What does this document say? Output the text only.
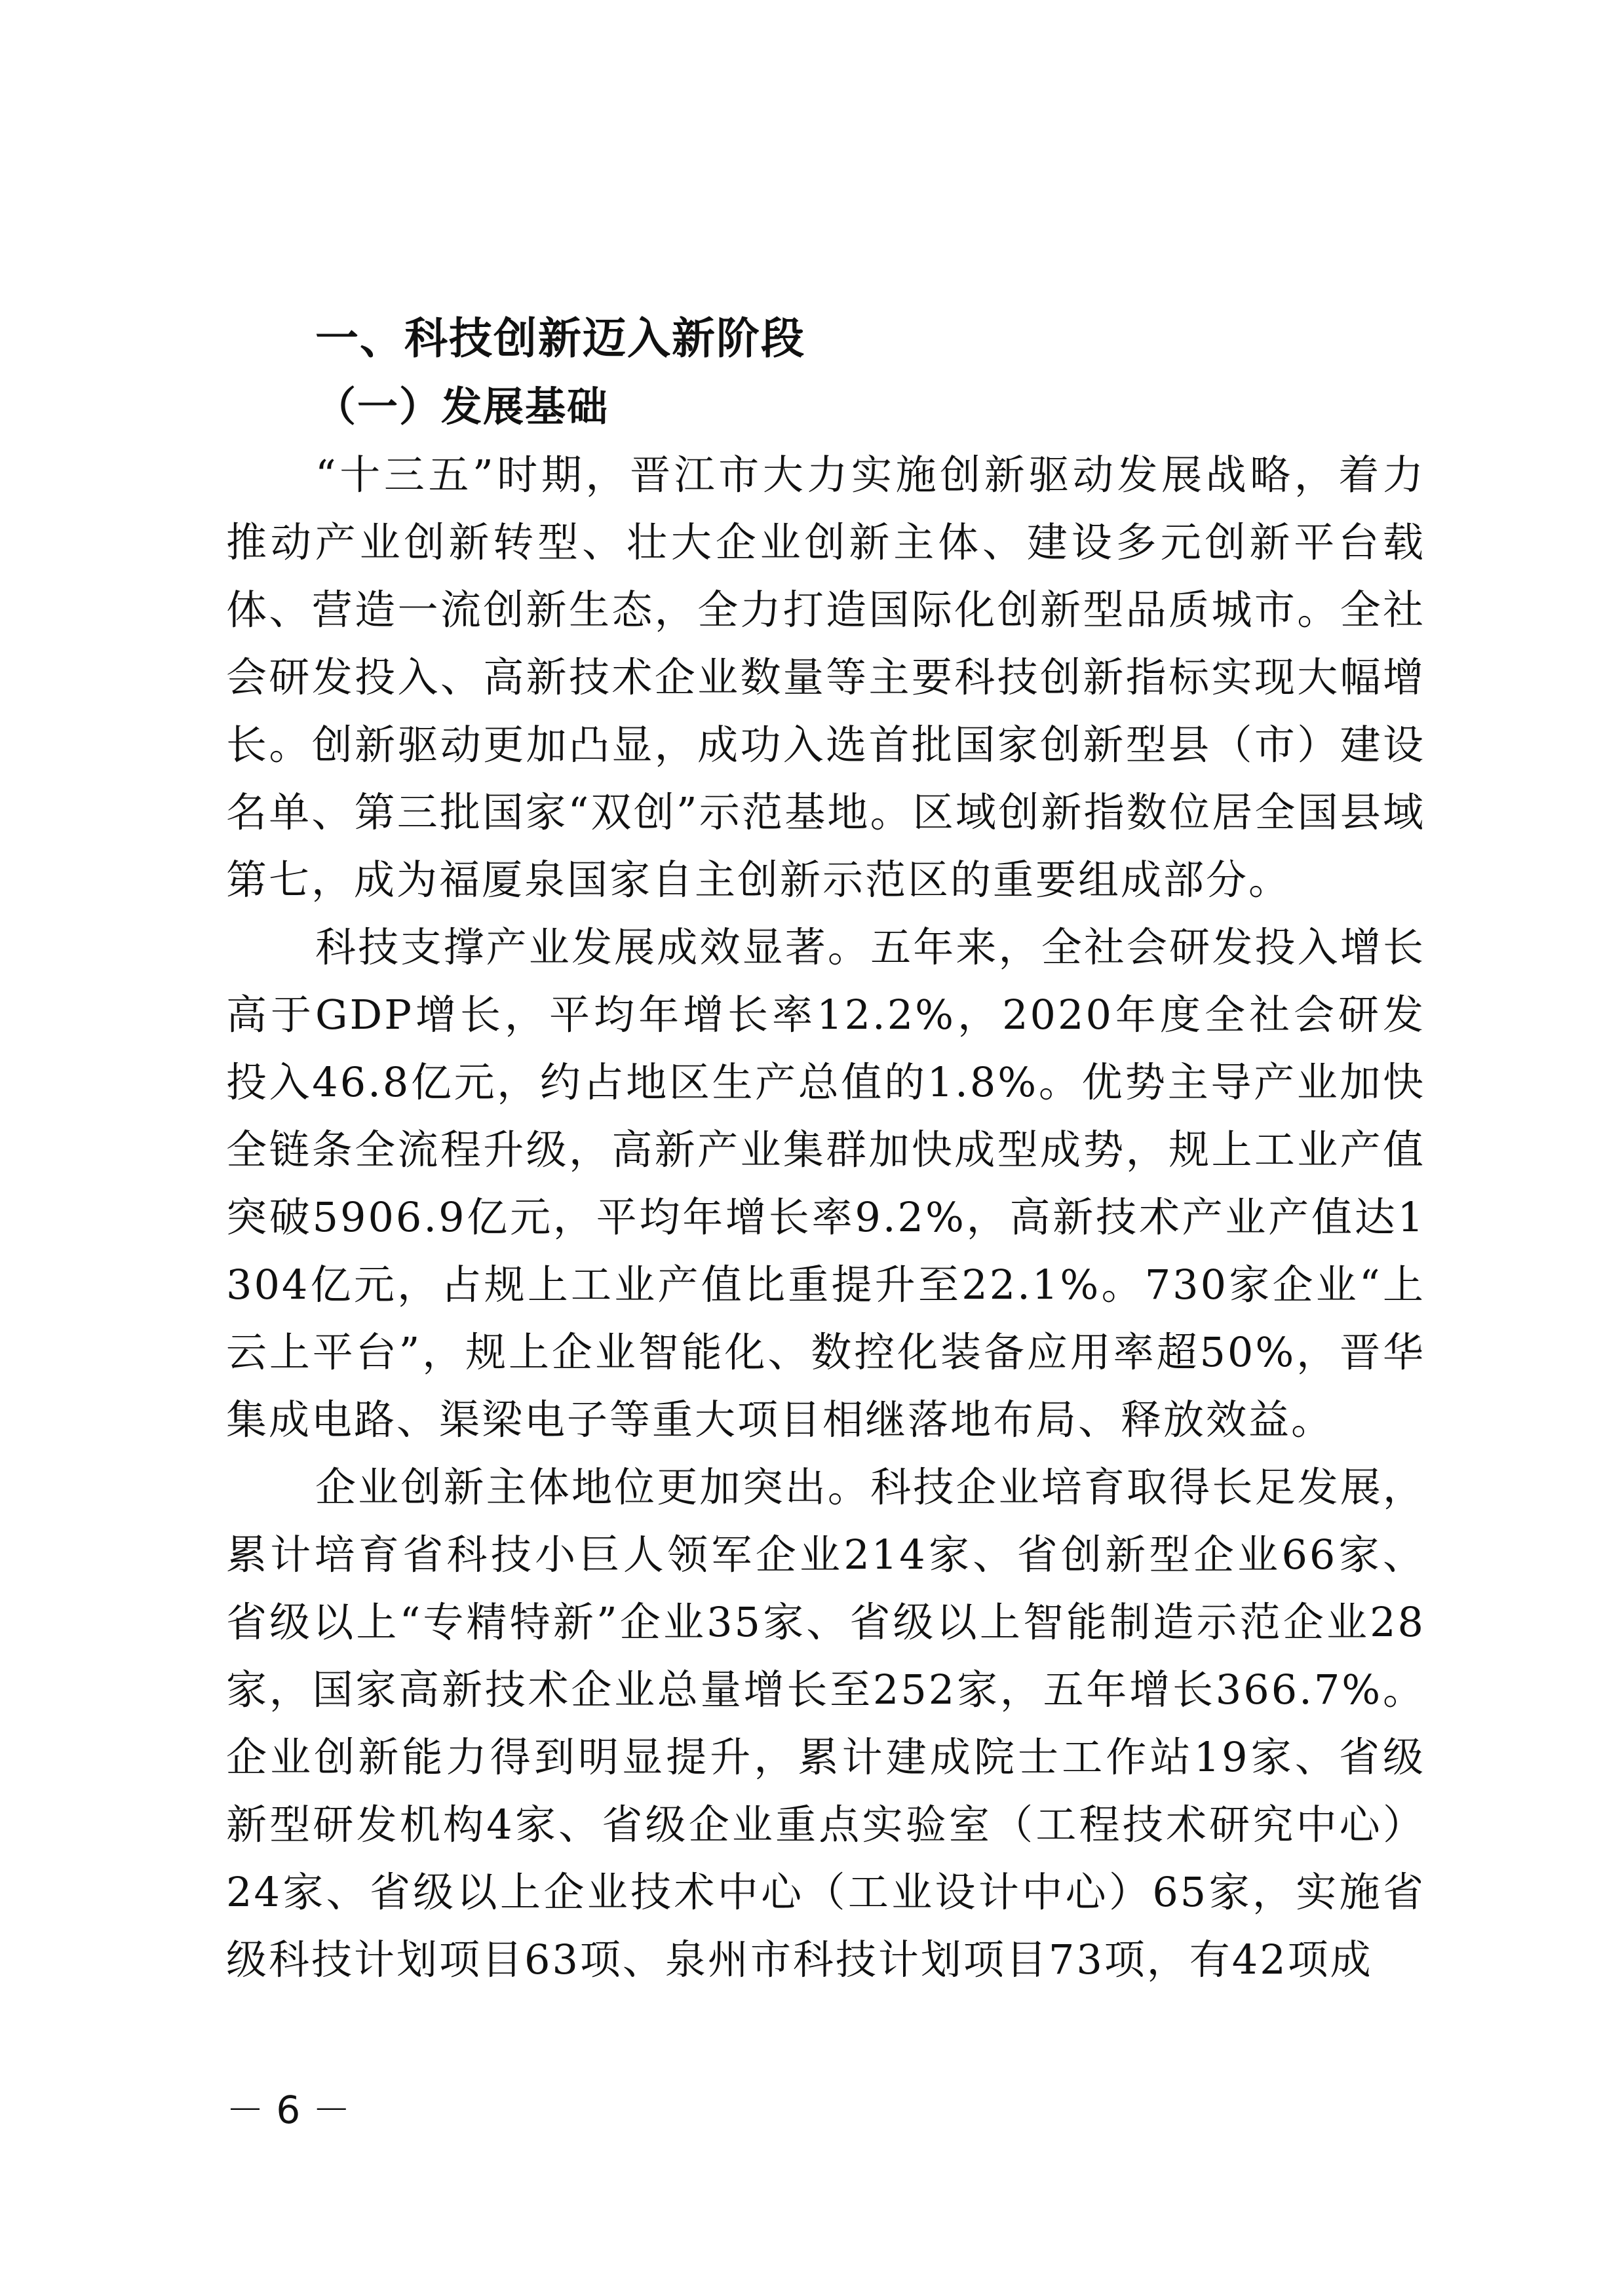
一、科技创新迈入新阶段
（一）发展基础

“十三五”时期，晋江市大力实施创新驱动发展战略，着力推动产业创新转型、壮大企业创新主体、建设多元创新平台载体、营造一流创新生态，全力打造国际化创新型品质城市。全社会研发投入、高新技术企业数量等主要科技创新指标实现大幅增长。创新驱动更加凸显，成功入选首批国家创新型县（市）建设名单、第三批国家“双创”示范基地。区域创新指数位居全国县域第七，成为福厦泉国家自主创新示范区的重要组成部分。

科技支撑产业发展成效显著。五年来，全社会研发投入增长高于GDP增长，平均年增长率12.2%，2020年度全社会研发投入46.8亿元，约占地区生产总值的1.8%。优势主导产业加快全链条全流程升级，高新产业集群加快成型成势，规上工业产值突破5906.9亿元，平均年增长率9.2%，高新技术产业产值达1304亿元，占规上工业产值比重提升至22.1%。730家企业“上云上平台”，规上企业智能化、数控化装备应用率超50%，晋华集成电路、渠梁电子等重大项目相继落地布局、释放效益。

企业创新主体地位更加突出。科技企业培育取得长足发展，累计培育省科技小巨人领军企业214家、省创新型企业66家、省级以上“专精特新”企业35家、省级以上智能制造示范企业28家，国家高新技术企业总量增长至252家，五年增长366.7%。企业创新能力得到明显提升，累计建成院士工作站19家、省级新型研发机构4家、省级企业重点实验室（工程技术研究中心）24家、省级以上企业技术中心（工业设计中心）65家，实施省级科技计划项目63项、泉州市科技计划项目73项，有42项成

－ 6 －
